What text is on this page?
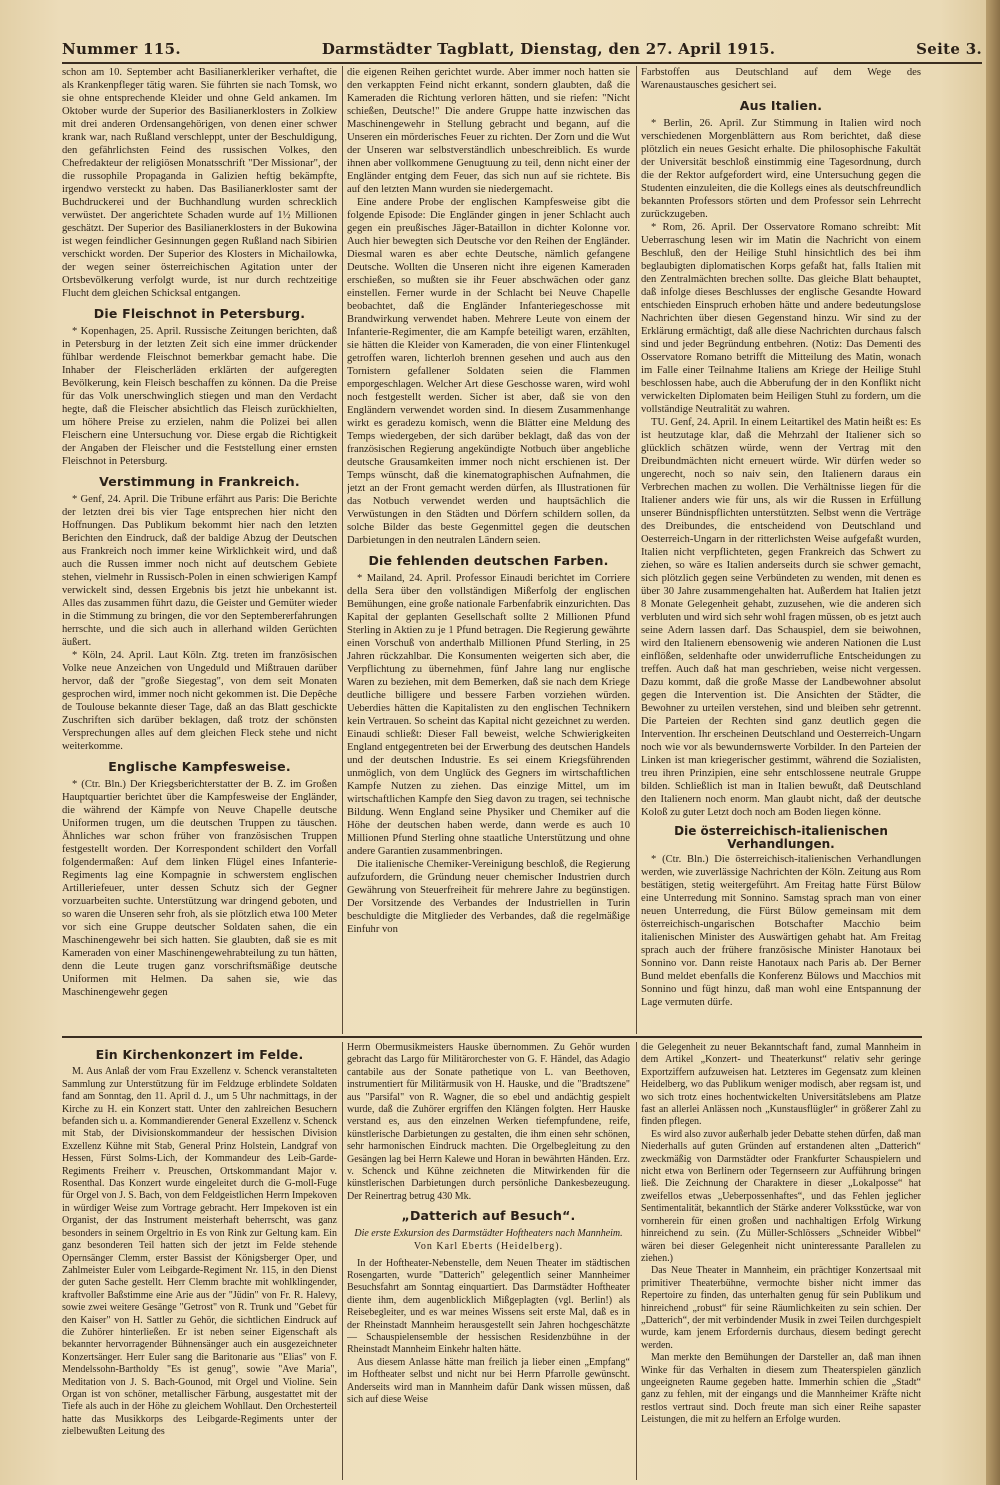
Nummer 115.	Darmstädter Tagblatt, Dienstag, den 27. April 1915.	Seite 3.

schon am 10. September acht Basilianerkleriker verhaftet, die als Krankenpfleger tätig waren. Sie führten sie nach Tomsk, wo sie ohne entsprechende Kleider und ohne Geld ankamen. Im Oktober wurde der Superior des Basilianerklosters in Zolkiew mit drei anderen Ordensangehörigen, von denen einer schwer krank war, nach Rußland verschleppt, unter der Beschuldigung, den gefährlichsten Feind des russischen Volkes, den Chefredakteur der religiösen Monatsschrift "Der Missionar", der die russophile Propaganda in Galizien heftig bekämpfte, irgendwo versteckt zu haben. Das Basilianerkloster samt der Buchdruckerei und der Buchhandlung wurden schrecklich verwüstet. Der angerichtete Schaden wurde auf 1½ Millionen geschätzt. Der Superior des Basilianerklosters in der Bukowina ist wegen feindlicher Gesinnungen gegen Rußland nach Sibirien verschickt worden. Der Superior des Klosters in Michailowka, der wegen seiner österreichischen Agitation unter der Ortsbevölkerung verfolgt wurde, ist nur durch rechtzeitige Flucht dem gleichen Schicksal entgangen.

Die Fleischnot in Petersburg.

* Kopenhagen, 25. April. Russische Zeitungen berichten, daß in Petersburg in der letzten Zeit sich eine immer drückender fühlbar werdende Fleischnot bemerkbar gemacht habe. Die Inhaber der Fleischerläden erklärten der aufgeregten Bevölkerung, kein Fleisch beschaffen zu können. Da die Preise für das Volk unerschwinglich stiegen und man den Verdacht hegte, daß die Fleischer absichtlich das Fleisch zurückhielten, um höhere Preise zu erzielen, nahm die Polizei bei allen Fleischern eine Untersuchung vor. Diese ergab die Richtigkeit der Angaben der Fleischer und die Feststellung einer ernsten Fleischnot in Petersburg.

Verstimmung in Frankreich.

* Genf, 24. April. Die Tribune erfährt aus Paris: Die Berichte der letzten drei bis vier Tage entsprechen hier nicht den Hoffnungen. Das Publikum bekommt hier nach den letzten Berichten den Eindruck, daß der baldige Abzug der Deutschen aus Frankreich noch immer keine Wirklichkeit wird, und daß auch die Russen immer noch nicht auf deutschem Gebiete stehen, vielmehr in Russisch-Polen in einen schwierigen Kampf verwickelt sind, dessen Ergebnis bis jetzt hie unbekannt ist. Alles das zusammen führt dazu, die Geister und Gemüter wieder in die Stimmung zu bringen, die vor den Septembererfahrungen herrschte, und die sich auch in allerhand wilden Gerüchten äußert.

* Köln, 24. April. Laut Köln. Ztg. treten im französischen Volke neue Anzeichen von Ungeduld und Mißtrauen darüber hervor, daß der "große Siegestag", von dem seit Monaten gesprochen wird, immer noch nicht gekommen ist. Die Depêche de Toulouse bekannte dieser Tage, daß an das Blatt geschickte Zuschriften sich darüber beklagen, daß trotz der schönsten Versprechungen alles auf dem gleichen Fleck stehe und nicht weiterkomme.

Englische Kampfesweise.

* (Ctr. Bln.) Der Kriegsberichterstatter der B. Z. im Großen Hauptquartier berichtet über die Kampfesweise der Engländer, die während der Kämpfe von Neuve Chapelle deutsche Uniformen trugen, um die deutschen Truppen zu täuschen. Ähnliches war schon früher von französischen Truppen festgestellt worden. Der Korrespondent schildert den Vorfall folgendermaßen: Auf dem linken Flügel eines Infanterie-Regiments lag eine Kompagnie in schwerstem englischen Artilleriefeuer, unter dessen Schutz sich der Gegner vorzuarbeiten suchte. Unterstützung war dringend geboten, und so waren die Unseren sehr froh, als sie plötzlich etwa 100 Meter vor sich eine Gruppe deutscher Soldaten sahen, die ein Maschinengewehr bei sich hatten. Sie glaubten, daß sie es mit Kameraden von einer Maschinengewehrabteilung zu tun hätten, denn die Leute trugen ganz vorschriftsmäßige deutsche Uniformen mit Helmen. Da sahen sie, wie das Maschinengewehr gegen

die eigenen Reihen gerichtet wurde. Aber immer noch hatten sie den verkappten Feind nicht erkannt, sondern glaubten, daß die Kameraden die Richtung verloren hätten, und sie riefen: "Nicht schießen, Deutsche!" Die andere Gruppe hatte inzwischen das Maschinengewehr in Stellung gebracht und begann, auf die Unseren ein mörderisches Feuer zu richten. Der Zorn und die Wut der Unseren war selbstverständlich unbeschreiblich. Es wurde ihnen aber vollkommene Genugtuung zu teil, denn nicht einer der Engländer entging dem Feuer, das sich nun auf sie richtete. Bis auf den letzten Mann wurden sie niedergemacht.

Eine andere Probe der englischen Kampfesweise gibt die folgende Episode: Die Engländer gingen in jener Schlacht auch gegen ein preußisches Jäger-Bataillon in dichter Kolonne vor. Auch hier bewegten sich Deutsche vor den Reihen der Engländer. Diesmal waren es aber echte Deutsche, nämlich gefangene Deutsche. Wollten die Unseren nicht ihre eigenen Kameraden erschießen, so mußten sie ihr Feuer abschwächen oder ganz einstellen. Ferner wurde in der Schlacht bei Neuve Chapelle beobachtet, daß die Engländer Infanteriegeschosse mit Brandwirkung verwendet haben. Mehrere Leute von einem der Infanterie-Regimenter, die am Kampfe beteiligt waren, erzählten, sie hätten die Kleider von Kameraden, die von einer Flintenkugel getroffen waren, lichterloh brennen gesehen und auch aus den Tornistern gefallener Soldaten seien die Flammen emporgeschlagen. Welcher Art diese Geschosse waren, wird wohl noch festgestellt werden. Sicher ist aber, daß sie von den Engländern verwendet worden sind. In diesem Zusammenhange wirkt es geradezu komisch, wenn die Blätter eine Meldung des Temps wiedergeben, der sich darüber beklagt, daß das von der französischen Regierung angekündigte Notbuch über angebliche deutsche Grausamkeiten immer noch nicht erschienen ist. Der Temps wünscht, daß die kinematographischen Aufnahmen, die jetzt an der Front gemacht werden dürfen, als Illustrationen für das Notbuch verwendet werden und hauptsächlich die Verwüstungen in den Städten und Dörfern schildern sollen, da solche Bilder das beste Gegenmittel gegen die deutschen Darbietungen in den neutralen Ländern seien.

Die fehlenden deutschen Farben.

* Mailand, 24. April. Professor Einaudi berichtet im Corriere della Sera über den vollständigen Mißerfolg der englischen Bemühungen, eine große nationale Farbenfabrik einzurichten. Das Kapital der geplanten Gesellschaft sollte 2 Millionen Pfund Sterling in Aktien zu je 1 Pfund betragen. Die Regierung gewährte einen Vorschuß von anderthalb Millionen Pfund Sterling, in 25 Jahren rückzahlbar. Die Konsumenten weigerten sich aber, die Verpflichtung zu übernehmen, fünf Jahre lang nur englische Waren zu beziehen, mit dem Bemerken, daß sie nach dem Kriege deutliche billigere und bessere Farben vorziehen würden. Ueberdies hätten die Kapitalisten zu den englischen Technikern kein Vertrauen. So scheint das Kapital nicht gezeichnet zu werden. Einaudi schließt: Dieser Fall beweist, welche Schwierigkeiten England entgegentreten bei der Erwerbung des deutschen Handels und der deutschen Industrie. Es sei einem Kriegsführenden unmöglich, von dem Unglück des Gegners im wirtschaftlichen Kampfe Nutzen zu ziehen. Das einzige Mittel, um im wirtschaftlichen Kampfe den Sieg davon zu tragen, sei technische Bildung. Wenn England seine Physiker und Chemiker auf die Höhe der deutschen haben werde, dann werde es auch 10 Millionen Pfund Sterling ohne staatliche Unterstützung und ohne andere Garantien zusammenbringen.

Die italienische Chemiker-Vereinigung beschloß, die Regierung aufzufordern, die Gründung neuer chemischer Industrien durch Gewährung von Steuerfreiheit für mehrere Jahre zu begünstigen. Der Vorsitzende des Verbandes der Industriellen in Turin beschuldigte die Mitglieder des Verbandes, daß die regelmäßige Einfuhr von

Farbstoffen aus Deutschland auf dem Wege des Warenaustausches gesichert sei.

Aus Italien.

* Berlin, 26. April. Zur Stimmung in Italien wird noch verschiedenen Morgenblättern aus Rom berichtet, daß diese plötzlich ein neues Gesicht erhalte. Die philosophische Fakultät der Universität beschloß einstimmig eine Tagesordnung, durch die der Rektor aufgefordert wird, eine Untersuchung gegen die Studenten einzuleiten, die die Kollegs eines als deutschfreundlich bekannten Professors störten und dem Professor sein Lehrrecht zurückzugeben.

* Rom, 26. April. Der Osservatore Romano schreibt: Mit Ueberraschung lesen wir im Matin die Nachricht von einem Beschluß, den der Heilige Stuhl hinsichtlich des bei ihm beglaubigten diplomatischen Korps gefaßt hat, falls Italien mit den Zentralmächten brechen sollte. Das gleiche Blatt behauptet, daß infolge dieses Beschlusses der englische Gesandte Howard entschieden Einspruch erhoben hätte und andere bedeutungslose Nachrichten über diesen Gegenstand hinzu. Wir sind zu der Erklärung ermächtigt, daß alle diese Nachrichten durchaus falsch sind und jeder Begründung entbehren. (Notiz: Das Dementi des Osservatore Romano betrifft die Mitteilung des Matin, wonach im Falle einer Teilnahme Italiens am Kriege der Heilige Stuhl beschlossen habe, auch die Abberufung der in den Konflikt nicht verwickelten Diplomaten beim Heiligen Stuhl zu fordern, um die vollständige Neutralität zu wahren.

TU. Genf, 24. April. In einem Leitartikel des Matin heißt es: Es ist heutzutage klar, daß die Mehrzahl der Italiener sich so glücklich schätzen würde, wenn der Vertrag mit den Dreibundmächten nicht erneuert würde. Wir dürfen weder so ungerecht, noch so naiv sein, den Italienern daraus ein Verbrechen machen zu wollen. Die Verhältnisse liegen für die Italiener anders wie für uns, als wir die Russen in Erfüllung unserer Bündnispflichten unterstützten. Selbst wenn die Verträge des Dreibundes, die entscheidend von Deutschland und Oesterreich-Ungarn in der ritterlichsten Weise aufgefaßt wurden, Italien nicht verpflichteten, gegen Frankreich das Schwert zu ziehen, so wäre es Italien anderseits durch sie schwer gemacht, sich plötzlich gegen seine Verbündeten zu wenden, mit denen es über 30 Jahre zusammengehalten hat. Außerdem hat Italien jetzt 8 Monate Gelegenheit gehabt, zuzusehen, wie die anderen sich verbluten und wird sich sehr wohl fragen müssen, ob es jetzt auch seine Adern lassen darf. Das Schauspiel, dem sie beiwohnen, wird den Italienern ebensowenig wie anderen Nationen die Lust einflößen, seldenhafte oder unwiderrufliche Entscheidungen zu treffen. Auch daß hat man geschrieben, weise nicht vergessen. Dazu kommt, daß die große Masse der Landbewohner absolut gegen die Intervention ist. Die Ansichten der Städter, die Bewohner zu urteilen verstehen, sind und bleiben sehr getrennt. Die Parteien der Rechten sind ganz deutlich gegen die Intervention. Ihr erscheinen Deutschland und Oesterreich-Ungarn noch wie vor als bewundernswerte Vorbilder. In den Parteien der Linken ist man kriegerischer gestimmt, während die Sozialisten, treu ihren Prinzipien, eine sehr entschlossene neutrale Gruppe bilden. Schließlich ist man in Italien bewußt, daß Deutschland den Italienern noch enorm. Man glaubt nicht, daß der deutsche Koloß zu guter Letzt doch noch am Boden liegen könne.

Die österreichisch-italienischen Verhandlungen.

* (Ctr. Bln.) Die österreichisch-italienischen Verhandlungen werden, wie zuverlässige Nachrichten der Köln. Zeitung aus Rom bestätigen, stetig weitergeführt. Am Freitag hatte Fürst Bülow eine Unterredung mit Sonnino. Samstag sprach man von einer neuen Unterredung, die Fürst Bülow gemeinsam mit dem österreichisch-ungarischen Botschafter Macchio beim italienischen Minister des Auswärtigen gehabt hat. Am Freitag sprach auch der frühere französische Minister Hanotaux bei Sonnino vor. Dann reiste Hanotaux nach Paris ab. Der Berner Bund meldet ebenfalls die Konferenz Bülows und Macchios mit Sonnino und fügt hinzu, daß man wohl eine Entspannung der Lage vermuten dürfe.

Ein Kirchenkonzert im Felde.

M. Aus Anlaß der vom Frau Exzellenz v. Schenck veranstalteten Sammlung zur Unterstützung für im Feldzuge erblindete Soldaten fand am Sonntag, den 11. April d. J., um 5 Uhr nachmittags, in der Kirche zu H. ein Konzert statt. Unter den zahlreichen Besuchern befanden sich u. a. Kommandierender General Exzellenz v. Schenck mit Stab, der Divisionskommandeur der hessischen Division Exzellenz Kühne mit Stab, General Prinz Holstein, Landgraf von Hessen, Fürst Solms-Lich, der Kommandeur des Leib-Garde-Regiments Freiherr v. Preuschen, Ortskommandant Major v. Rosenthal. Das Konzert wurde eingeleitet durch die G-moll-Fuge für Orgel von J. S. Bach, von dem Feldgeistlichen Herrn Impekoven in würdiger Weise zum Vortrage gebracht. Herr Impekoven ist ein Organist, der das Instrument meisterhaft beherrscht, was ganz besonders in seinem Orgeltrio in Es von Rink zur Geltung kam. Ein ganz besonderen Teil hatten sich der jetzt im Felde stehende Opernsänger Clemm, erster Bassist der Königsberger Oper, und Zahlmeister Euler vom Leibgarde-Regiment Nr. 115, in den Dienst der guten Sache gestellt. Herr Clemm brachte mit wohlklingender, kraftvoller Baßstimme eine Arie aus der "Jüdin" von Fr. R. Halevy, sowie zwei weitere Gesänge "Getrost" von R. Trunk und "Gebet für den Kaiser" von H. Sattler zu Gehör, die sichtlichen Eindruck auf die Zuhörer hinterließen. Er ist neben seiner Eigenschaft als bekannter hervorragender Bühnensänger auch ein ausgezeichneter Konzertsänger. Herr Euler sang die Baritonarie aus "Elias" von F. Mendelssohn-Bartholdy "Es ist genug", sowie "Ave Maria", Meditation von J. S. Bach-Gounod, mit Orgel und Violine. Sein Organ ist von schöner, metallischer Färbung, ausgestattet mit der Tiefe als auch in der Höhe zu gleichem Wohllaut. Den Orchesterteil hatte das Musikkorps des Leibgarde-Regiments unter der zielbewußten Leitung des

Herrn Obermusikmeisters Hauske übernommen. Zu Gehör wurden gebracht das Largo für Militärorchester von G. F. Händel, das Adagio cantabile aus der Sonate pathetique von L. van Beethoven, instrumentiert für Militärmusik von H. Hauske, und die "Bradtszene" aus "Parsifal" von R. Wagner, die so ebel und andächtig gespielt wurde, daß die Zuhörer ergriffen den Klängen folgten. Herr Hauske verstand es, aus den einzelnen Werken tiefempfundene, reife, künstlerische Darbietungen zu gestalten, die ihm einen sehr schönen, sehr harmonischen Eindruck machten. Die Orgelbegleitung zu den Gesängen lag bei Herrn Kalewe und Horan in bewährten Händen. Erz. v. Schenck und Kühne zeichneten die Mitwirkenden für die künstlerischen Darbietungen durch persönliche Dankesbezeugung. Der Reinertrag betrug 430 Mk.

„Datterich auf Besuch“.

Die erste Exkursion des Darmstädter Hoftheaters nach Mannheim.

Von Karl Eberts (Heidelberg).

In der Hoftheater-Nebenstelle, dem Neuen Theater im städtischen Rosengarten, wurde "Datterich" gelegentlich seiner Mannheimer Besuchsfahrt am Sonntag einquartiert. Das Darmstädter Hoftheater diente ihm, dem augenblicklich Mißgeplagten (vgl. Berlin!) als Reisebegleiter, und es war meines Wissens seit erste Mal, daß es in der Rheinstadt Mannheim herausgestellt sein Jahren hochgeschätzte — Schauspielensemble der hessischen Residenzbühne in der Rheinstadt Mannheim Einkehr halten hätte.

Aus diesem Anlasse hätte man freilich ja lieber einen „Empfang“ im Hoftheater selbst und nicht nur bei Herrn Pfarrolle gewünscht. Anderseits wird man in Mannheim dafür Dank wissen müssen, daß sich auf diese Weise

die Gelegenheit zu neuer Bekanntschaft fand, zumal Mannheim in dem Artikel „Konzert- und Theaterkunst“ relativ sehr geringe Exportziffern aufzuweisen hat. Letzteres im Gegensatz zum kleinen Heidelberg, wo das Publikum weniger modisch, aber regsam ist, und wo sich trotz eines hochentwickelten Universitätslebens am Platze fast an allerlei Anlässen noch „Kunstausflügler“ in größerer Zahl zu finden pflegen.

Es wird also zuvor außerhalb jeder Debatte stehen dürfen, daß man Niederhalls auf guten Gründen auf erstandenen alten „Datterich“ zweckmäßig von Darmstädter oder Frankfurter Schauspielern und nicht etwa von Berlinern oder Tegernseern zur Aufführung bringen ließ. Die Zeichnung der Charaktere in dieser „Lokalposse“ hat zweifellos etwas „Ueberpossenhaftes“, und das Fehlen jeglicher Sentimentalität, bekanntlich der Stärke anderer Volksstücke, war von vornherein für einen großen und nachhaltigen Erfolg Wirkung hinreichend zu sein. (Zu Müller-Schlössers „Schneider Wibbel“ wären bei dieser Gelegenheit nicht uninteressante Parallelen zu ziehen.)

Das Neue Theater in Mannheim, ein prächtiger Konzertsaal mit primitiver Theaterbühne, vermochte bisher nicht immer das Repertoire zu finden, das unterhalten genug für sein Publikum und hinreichend „robust“ für seine Räumlichkeiten zu sein schien. Der „Datterich“, der mit verbindender Musik in zwei Teilen durchgespielt wurde, kam jenem Erfordernis durchaus, diesem bedingt gerecht werden.

Man merkte den Bemühungen der Darsteller an, daß man ihnen Winke für das Verhalten in diesem zum Theaterspielen gänzlich ungeeigneten Raume gegeben hatte. Immerhin schien die „Stadt“ ganz zu fehlen, mit der eingangs und die Mannheimer Kräfte nicht restlos vertraut sind. Doch freute man sich einer Reihe sapaster Leistungen, die mit zu helfern an Erfolge wurden.
